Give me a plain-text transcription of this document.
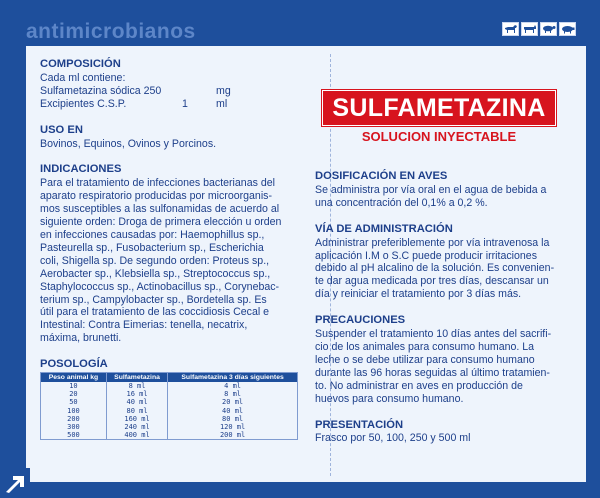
antimicrobianos
COMPOSICIÓN
Cada ml contiene:
Sulfametazina sódica 250	mg
Excipientes C.S.P.	1	ml
USO EN
Bovinos, Equinos, Ovinos y Porcinos.
INDICACIONES
Para el tratamiento de infecciones bacterianas del
aparato respiratorio producidas por microorganis-
mos susceptibles a las sulfonamidas de acuerdo al
siguiente orden: Droga de primera elección u orden
en infecciones causadas por: Haemophillus sp.,
Pasteurella sp., Fusobacterium sp., Escherichia
coli, Shigella sp. De segundo orden: Proteus sp.,
Aerobacter sp., Klebsiella sp., Streptococcus sp.,
Staphylococcus sp., Actinobacillus sp., Corynebac-
terium sp., Campylobacter sp., Bordetella sp. Es
útil para el tratamiento de las coccidiosis Cecal e
Intestinal: Contra Eimerias: tenella, necatrix,
máxima, brunetti.
POSOLOGÍA
Peso animal kg	Sulfametazina	Sulfametazina 3 días siguientes
10	8 ml	4 ml
20	16 ml	8 ml
50	40 ml	20 ml
100	80 ml	40 ml
200	160 ml	80 ml
300	240 ml	120 ml
500	400 ml	200 ml
SULFAMETAZINA
SOLUCION INYECTABLE
DOSIFICACIÓN EN AVES
Se administra por vía oral en el agua de bebida a
una concentración del 0,1% a 0,2 %.
VÍA DE ADMINISTRACIÓN
Administrar preferiblemente por vía intravenosa la
aplicación I.M o S.C puede producir irritaciones
debido al pH alcalino de la solución. Es convenien-
te dar agua medicada por tres días, descansar un
día y reiniciar el tratamiento por 3 días más.
PRECAUCIONES
Suspender el tratamiento 10 días antes del sacrifi-
cio de los animales para consumo humano. La
leche o se debe utilizar para consumo humano
durante las 96 horas seguidas al último tratamien-
to. No administrar en aves en producción de
huevos para consumo humano.
PRESENTACIÓN
Frasco por 50, 100, 250 y 500 ml
